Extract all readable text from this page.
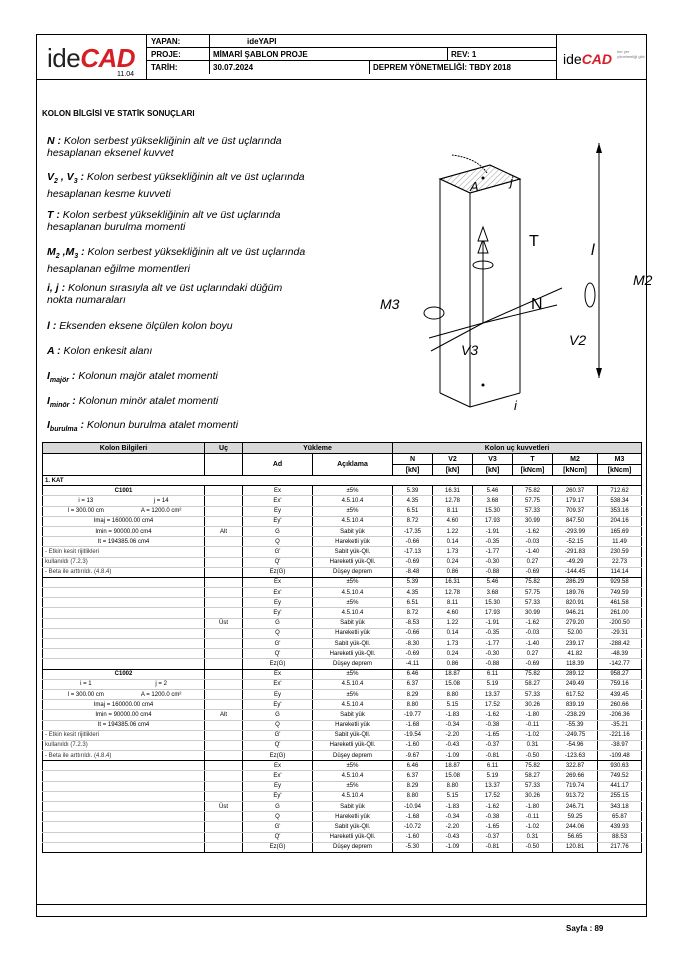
ideCAD
11.04
YAPAN:	ideYAPI
PROJE:	MİMARİ ŞABLON PROJE	REV: 1
TARİH:	30.07.2024	DEPREM YÖNETMELİĞİ: TBDY 2018
ideCAD her yer yönetmeliği gibi
KOLON BİLGİSİ VE STATİK SONUÇLARI
N : Kolon serbest yüksekliğinin alt ve üst uçlarında hesaplanan eksenel kuvvet
$V_2$ , $V_3$ : Kolon serbest yüksekliğinin alt ve üst uçlarında hesaplanan kesme kuvveti
T : Kolon serbest yüksekliğinin alt ve üst uçlarında hesaplanan burulma momenti
$M_2$ $,M_3$ : Kolon serbest yüksekliğinin alt ve üst uçlarında hesaplanan eğilme momentleri
i, j : Kolonun sırasıyla alt ve üst uçlarındaki düğüm nokta numaraları
l : Eksenden eksene ölçülen kolon boyu
A : Kolon enkesit alanı
$I_{majör}$ : Kolonun majör atalet momenti
$I_{minör}$ : Kolonun minör atalet momenti
$I_{burulma}$ : Kolonun burulma atalet momenti
A j
T
N
l
M2
M3
V2
V3
i
Kolon Bilgileri	Uç	Yükleme		Kolon uç kuvvetleri					
		Ad	Açıklama	N	V2	V3	T	M2	M3
				[kN]	[kN]	[kN]	[kNcm]	[kNcm]	[kNcm]
1. KAT									
C1001		Ex	±5%	5.39	16.31	5.46	75.82	260.37	712.62
i = 13 j = 14		Ex'	4.5.10.4	4.35	12.78	3.68	57.75	179.17	538.34
l = 300.00 cm A = 1200.0 cm²		Ey	±5%	6.51	8.11	15.30	57.33	709.37	353.16
Imaj = 160000.00 cm4		Ey'	4.5.10.4	8.72	4.60	17.93	30.99	847.50	204.16
Imin = 90000.00 cm4	Alt	G	Sabit yük	-17.35	1.22	-1.91	-1.62	-293.99	165.69
It = 194385.06 cm4		Q	Hareketli yük	-0.66	0.14	-0.35	-0.03	-52.15	11.49
- Etkin kesit rijitlikleri		G'	Sabit yük-Qll.	-17.13	1.73	-1.77	-1.40	-291.83	230.59
kullanıldı (7.2.3)		Q'	Hareketli yük-Qll.	-0.69	0.24	-0.30	0.27	-49.29	22.73
- Beta ile arttırıldı. (4.8.4)		Ez(G)	Düşey deprem	-8.48	0.86	-0.88	-0.69	-144.45	114.14
		Ex	±5%	5.39	16.31	5.46	75.82	286.29	929.58
		Ex'	4.5.10.4	4.35	12.78	3.68	57.75	189.76	749.59
		Ey	±5%	6.51	8.11	15.30	57.33	820.91	461.58
		Ey'	4.5.10.4	8.72	4.60	17.93	30.99	946.21	261.00
	Üst	G	Sabit yük	-8.53	1.22	-1.91	-1.62	279.20	-200.50
		Q	Hareketli yük	-0.66	0.14	-0.35	-0.03	52.00	-29.31
		G'	Sabit yük-Qll.	-8.30	1.73	-1.77	-1.40	239.17	-288.42
		Q'	Hareketli yük-Qll.	-0.69	0.24	-0.30	0.27	41.82	-48.39
		Ez(G)	Düşey deprem	-4.11	0.86	-0.88	-0.69	118.39	-142.77
C1002		Ex	±5%	6.46	18.87	6.11	75.82	289.12	958.27
i = 1 j = 2		Ex'	4.5.10.4	6.37	15.08	5.19	58.27	249.49	759.16
l = 300.00 cm A = 1200.0 cm²		Ey	±5%	8.29	8.80	13.37	57.33	617.52	439.45
Imaj = 160000.00 cm4		Ey'	4.5.10.4	8.80	5.15	17.52	30.26	839.19	260.66
Imin = 90000.00 cm4	Alt	G	Sabit yük	-19.77	-1.83	-1.62	-1.80	-238.29	-206.36
It = 194385.06 cm4		Q	Hareketli yük	-1.68	-0.34	-0.38	-0.11	-55.39	-35.21
- Etkin kesit rijitlikleri		G'	Sabit yük-Qll.	-19.54	-2.20	-1.65	-1.02	-249.75	-221.16
kullanıldı (7.2.3)		Q'	Hareketli yük-Qll.	-1.60	-0.43	-0.37	0.31	-54.96	-38.97
- Beta ile arttırıldı. (4.8.4)		Ez(G)	Düşey deprem	-9.67	-1.09	-0.81	-0.50	-123.63	-109.48
		Ex	±5%	6.46	18.87	6.11	75.82	322.87	930.63
		Ex'	4.5.10.4	6.37	15.08	5.19	58.27	269.66	749.52
		Ey	±5%	8.29	8.80	13.37	57.33	719.74	441.17
		Ey'	4.5.10.4	8.80	5.15	17.52	30.26	913.72	255.15
	Üst	G	Sabit yük	-10.94	-1.83	-1.62	-1.80	246.71	343.18
		Q	Hareketli yük	-1.68	-0.34	-0.38	-0.11	59.25	65.87
		G'	Sabit yük-Qll.	-10.72	-2.20	-1.65	-1.02	244.06	439.93
		Q'	Hareketli yük-Qll.	-1.60	-0.43	-0.37	0.31	56.65	88.53
		Ez(G)	Düşey deprem	-5.30	-1.09	-0.81	-0.50	120.81	217.76
Sayfa : 89
